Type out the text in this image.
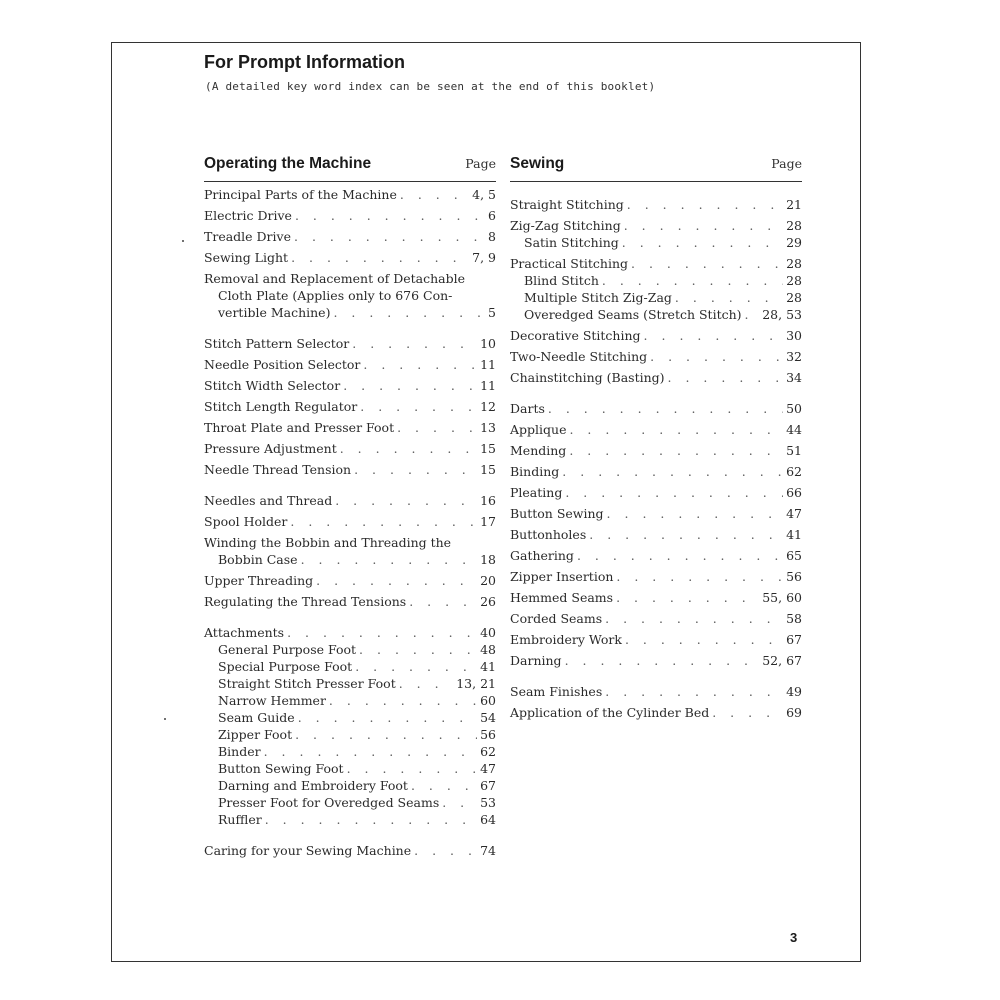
For Prompt Information
(A detailed key word index can be seen at the end of this booklet)
Operating the Machine	Page
Principal Parts of the Machine . . .	4, 5
Electric Drive . . .	6
Treadle Drive . . .	8
Sewing Light . . .	7, 9
Removal and Replacement of Detachable
Cloth Plate (Applies only to 676 Con-
vertible Machine) . . .	5
Stitch Pattern Selector . . .	10
Needle Position Selector . . .	11
Stitch Width Selector . . .	11
Stitch Length Regulator . . .	12
Throat Plate and Presser Foot . . .	13
Pressure Adjustment . . .	15
Needle Thread Tension . . .	15
Needles and Thread . . .	16
Spool Holder . . .	17
Winding the Bobbin and Threading the
Bobbin Case . . .	18
Upper Threading . . .	20
Regulating the Thread Tensions . . .	26
Attachments . . .	40
General Purpose Foot . . .	48
Special Purpose Foot . . .	41
Straight Stitch Presser Foot . . .	13, 21
Narrow Hemmer . . .	60
Seam Guide . . .	54
Zipper Foot . . .	56
Binder . . .	62
Button Sewing Foot . . .	47
Darning and Embroidery Foot . . .	67
Presser Foot for Overedged Seams . . .	53
Ruffler . . .	64
Caring for your Sewing Machine . . .	74
Sewing	Page
Straight Stitching . . .	21
Zig-Zag Stitching . . .	28
Satin Stitching . . .	29
Practical Stitching . . .	28
Blind Stitch . . .	28
Multiple Stitch Zig-Zag . . .	28
Overedged Seams (Stretch Stitch) . . . 28, 53
Decorative Stitching . . .	30
Two-Needle Stitching . . .	32
Chainstitching (Basting) . . .	34
Darts . . .	50
Applique . . .	44
Mending . . .	51
Binding . . .	62
Pleating . . .	66
Button Sewing . . .	47
Buttonholes . . .	41
Gathering . . .	65
Zipper Insertion . . .	56
Hemmed Seams . . .	55, 60
Corded Seams . . .	58
Embroidery Work . . .	67
Darning . . .	52, 67
Seam Finishes . . .	49
Application of the Cylinder Bed . . .	69
3
